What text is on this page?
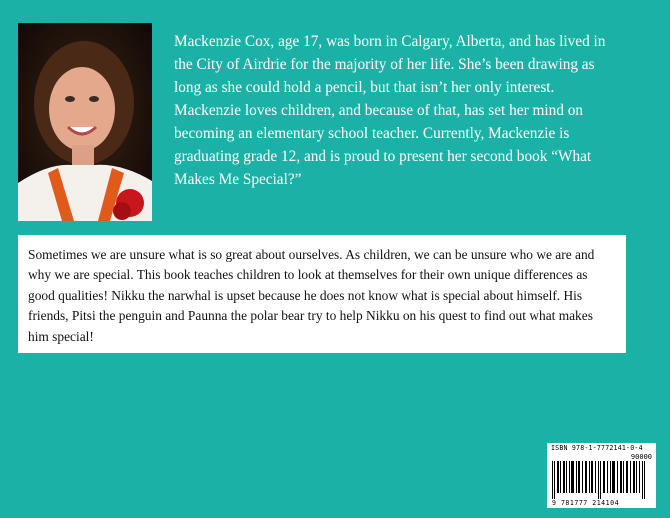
Mackenzie Cox, age 17, was born in Calgary, Alberta, and has lived in the City of Airdrie for the majority of her life. She’s been drawing as long as she could hold a pencil, but that isn’t her only interest. Mackenzie loves children, and because of that, has set her mind on becoming an elementary school teacher. Currently, Mackenzie is graduating grade 12, and is proud to present her second book “What Makes Me Special?”
Sometimes we are unsure what is so great about ourselves. As children, we can be unsure who we are and why we are special. This book teaches children to look at themselves for their own unique differences as good qualities! Nikku the narwhal is upset because he does not know what is special about himself. His friends, Pitsi the penguin and Paunna the polar bear try to help Nikku on his quest to find out what makes him special!
ISBN 978-1-7772141-0-4
90000
9 781777 214104
